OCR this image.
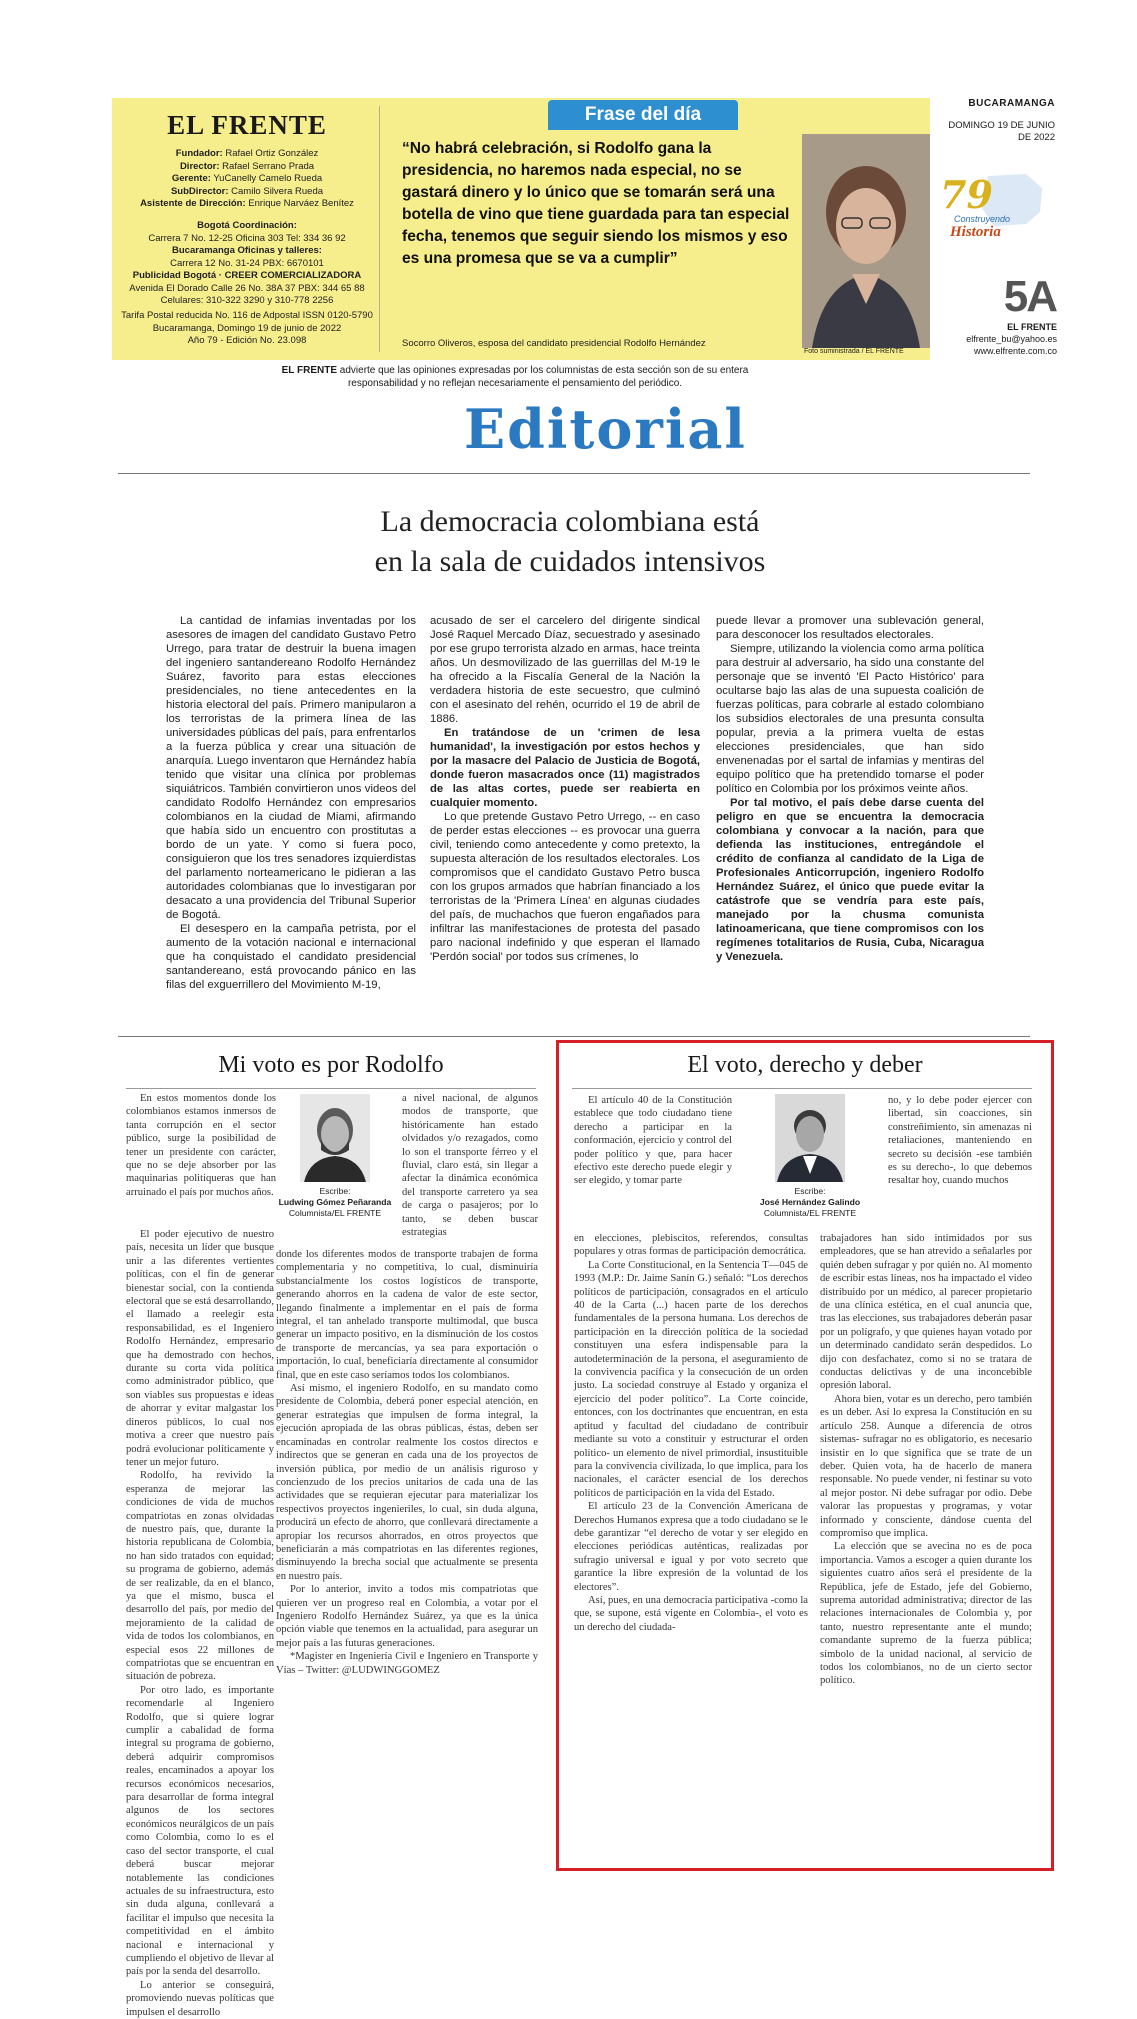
EL FRENTE
Fundador: Rafael Ortiz González
Director: Rafael Serrano Prada
Gerente: YuCanelly Camelo Rueda
SubDirector: Camilo Silvera Rueda
Asistente de Dirección: Enrique Narváez Benítez
Bogotá Coordinación:
Carrera 7 No. 12-25 Oficina 303 Tel: 334 36 92
Bucaramanga Oficinas y talleres:
Carrera 12 No. 31-24 PBX: 6670101
Publicidad Bogotá · CREER COMERCIALIZADORA
Avenida El Dorado Calle 26 No. 38A 37 PBX: 344 65 88
Celulares: 310-322 3290 y 310-778 2256
Tarifa Postal reducida No. 116 de Adpostal ISSN 0120-5790
Bucaramanga, Domingo 19 de junio de 2022
Año 79 - Edición No. 23.098
Frase del día
“No habrá celebración, si Rodolfo gana la presidencia, no haremos nada especial, no se gastará dinero y lo único que se tomarán será una botella de vino que tiene guardada para tan especial fecha, tenemos que seguir siendo los mismos y eso es una promesa que se va a cumplir”
Socorro Oliveros, esposa del candidato presidencial Rodolfo Hernández
Foto suministrada / EL FRENTE
BUCARAMANGA
DOMINGO 19 DE JUNIO DE 2022
79
Construyendo
Historia
5A
EL FRENTE
elfrente_bu@yahoo.es
www.elfrente.com.co
EL FRENTE advierte que las opiniones expresadas por los columnistas de esta sección son de su entera responsabilidad y no reflejan necesariamente el pensamiento del periódico.
Editorial
La democracia colombiana está
en la sala de cuidados intensivos

La cantidad de infamias inventadas por los asesores de imagen del candidato Gustavo Petro Urrego, para tratar de destruir la buena imagen del ingeniero santandereano Rodolfo Hernández Suárez, favorito para estas elecciones presidenciales, no tiene antecedentes en la historia electoral del país. Primero manipularon a los terroristas de la primera línea de las universidades públicas del país, para enfrentarlos a la fuerza pública y crear una situación de anarquía. Luego inventaron que Hernández había tenido que visitar una clínica por problemas siquiátricos. También convirtieron unos videos del candidato Rodolfo Hernández con empresarios colombianos en la ciudad de Miami, afirmando que había sido un encuentro con prostitutas a bordo de un yate. Y como si fuera poco, consiguieron que los tres senadores izquierdistas del parlamento norteamericano le pidieran a las autoridades colombianas que lo investigaran por desacato a una providencia del Tribunal Superior de Bogotá.

El desespero en la campaña petrista, por el aumento de la votación nacional e internacional que ha conquistado el candidato presidencial santandereano, está provocando pánico en las filas del exguerrillero del Movimiento M-19,

acusado de ser el carcelero del dirigente sindical José Raquel Mercado Díaz, secuestrado y asesinado por ese grupo terrorista alzado en armas, hace treinta años. Un desmovilizado de las guerrillas del M-19 le ha ofrecido a la Fiscalía General de la Nación la verdadera historia de este secuestro, que culminó con el asesinato del rehén, ocurrido el 19 de abril de 1886.

En tratándose de un 'crimen de lesa humanidad', la investigación por estos hechos y por la masacre del Palacio de Justicia de Bogotá, donde fueron masacrados once (11) magistrados de las altas cortes, puede ser reabierta en cualquier momento.

Lo que pretende Gustavo Petro Urrego, -- en caso de perder estas elecciones -- es provocar una guerra civil, teniendo como antecedente y como pretexto, la supuesta alteración de los resultados electorales. Los compromisos que el candidato Gustavo Petro busca con los grupos armados que habrían financiado a los terroristas de la 'Primera Línea' en algunas ciudades del país, de muchachos que fueron engañados para infiltrar las manifestaciones de protesta del pasado paro nacional indefinido y que esperan el llamado 'Perdón social' por todos sus crímenes, lo

puede llevar a promover una sublevación general, para desconocer los resultados electorales.

Siempre, utilizando la violencia como arma política para destruir al adversario, ha sido una constante del personaje que se inventó 'El Pacto Histórico' para ocultarse bajo las alas de una supuesta coalición de fuerzas políticas, para cobrarle al estado colombiano los subsidios electorales de una presunta consulta popular, previa a la primera vuelta de estas elecciones presidenciales, que han sido envenenadas por el sartal de infamias y mentiras del equipo político que ha pretendido tomarse el poder político en Colombia por los próximos veinte años.

Por tal motivo, el país debe darse cuenta del peligro en que se encuentra la democracia colombiana y convocar a la nación, para que defienda las instituciones, entregándole el crédito de confianza al candidato de la Liga de Profesionales Anticorrupción, ingeniero Rodolfo Hernández Suárez, el único que puede evitar la catástrofe que se vendría para este país, manejado por la chusma comunista latinoamericana, que tiene compromisos con los regímenes totalitarios de Rusia, Cuba, Nicaragua y Venezuela.

Mi voto es por Rodolfo

En estos momentos donde los colombianos estamos inmersos de tanta corrupción en el sector público, surge la posibilidad de tener un presidente con carácter, que no se deje absorber por las maquinarias politiqueras que han arruinado el país por muchos años.	Escribe:
Ludwing Gómez Peñaranda
Columnista/EL FRENTE

El poder ejecutivo de nuestro país, necesita un líder que busque unir a las diferentes vertientes políticas, con el fin de generar bienestar social, con la contienda electoral que se está desarrollando, el llamado a reelegir esta responsabilidad, es el Ingeniero Rodolfo Hernández, empresario que ha demostrado con hechos, durante su corta vida política como administrador público, que son viables sus propuestas e ideas de ahorrar y evitar malgastar los dineros públicos, lo cual nos motiva a creer que nuestro país podrá evolucionar políticamente y tener un mejor futuro.

Rodolfo, ha revivido la esperanza de mejorar las condiciones de vida de muchos compatriotas en zonas olvidadas de nuestro país, que, durante la historia republicana de Colombia, no han sido tratados con equidad; su programa de gobierno, además de ser realizable, da en el blanco, ya que el mismo, busca el desarrollo del país, por medio del mejoramiento de la calidad de vida de todos los colombianos, en especial esos 22 millones de compatriotas que se encuentran en situación de pobreza.

Por otro lado, es importante recomendarle al Ingeniero Rodolfo, que si quiere lograr cumplir a cabalidad de forma integral su programa de gobierno, deberá adquirir compromisos reales, encaminados a apoyar los recursos económicos necesarios, para desarrollar de forma integral algunos de los sectores económicos neurálgicos de un país como Colombia, como lo es el caso del sector transporte, el cual deberá buscar mejorar notablemente las condiciones actuales de su infraestructura, esto sin duda alguna, conllevará a facilitar el impulso que necesita la competitividad en el ámbito nacional e internacional y cumpliendo el objetivo de llevar al país por la senda del desarrollo.

Lo anterior se conseguirá, promoviendo nuevas políticas que impulsen el desarrollo

a nivel nacional, de algunos modos de transporte, que históricamente han estado olvidados y/o rezagados, como lo son el transporte férreo y el fluvial, claro está, sin llegar a afectar la dinámica económica del transporte carretero ya sea de carga o pasajeros; por lo tanto, se deben buscar estrategias

donde los diferentes modos de transporte trabajen de forma complementaria y no competitiva, lo cual, disminuiría substancialmente los costos logísticos de transporte, generando ahorros en la cadena de valor de este sector, llegando finalmente a implementar en el país de forma integral, el tan anhelado transporte multimodal, que busca generar un impacto positivo, en la disminución de los costos de transporte de mercancías, ya sea para exportación o importación, lo cual, beneficiaría directamente al consumidor final, que en este caso seríamos todos los colombianos.

Así mismo, el ingeniero Rodolfo, en su mandato como presidente de Colombia, deberá poner especial atención, en generar estrategias que impulsen de forma integral, la ejecución apropiada de las obras públicas, éstas, deben ser encaminadas en controlar realmente los costos directos e indirectos que se generan en cada una de los proyectos de inversión pública, por medio de un análisis riguroso y concienzudo de los precios unitarios de cada una de las actividades que se requieran ejecutar para materializar los respectivos proyectos ingenieriles, lo cual, sin duda alguna, producirá un efecto de ahorro, que conllevará directamente a apropiar los recursos ahorrados, en otros proyectos que beneficiarán a más compatriotas en las diferentes regiones, disminuyendo la brecha social que actualmente se presenta en nuestro país.

Por lo anterior, invito a todos mis compatriotas que quieren ver un progreso real en Colombia, a votar por el Ingeniero Rodolfo Hernández Suárez, ya que es la única opción viable que tenemos en la actualidad, para asegurar un mejor país a las futuras generaciones.

*Magister en Ingeniería Civil e Ingeniero en Transporte y Vías – Twitter: @LUDWINGGOMEZ

El voto, derecho y deber

El artículo 40 de la Constitución establece que todo ciudadano tiene derecho a participar en la conformación, ejercicio y control del poder político y que, para hacer efectivo este derecho puede elegir y ser elegido, y tomar parte

Escribe:
José Hernández Galindo
Columnista/EL FRENTE

en elecciones, plebiscitos, referendos, consultas populares y otras formas de participación democrática.

La Corte Constitucional, en la Sentencia T—045 de 1993 (M.P.: Dr. Jaime Sanín G.) señaló: “Los derechos políticos de participación, consagrados en el artículo 40 de la Carta (...) hacen parte de los derechos fundamentales de la persona humana. Los derechos de participación en la dirección política de la sociedad constituyen una esfera indispensable para la autodeterminación de la persona, el aseguramiento de la convivencia pacífica y la consecución de un orden justo. La sociedad construye al Estado y organiza el ejercicio del poder político”. La Corte coincide, entonces, con los doctrinantes que encuentran, en esta aptitud y facultad del ciudadano de contribuir mediante su voto a constituir y estructurar el orden político- un elemento de nivel primordial, insustituible para la convivencia civilizada, lo que implica, para los nacionales, el carácter esencial de los derechos políticos de participación en la vida del Estado.

El artículo 23 de la Convención Americana de Derechos Humanos expresa que a todo ciudadano se le debe garantizar “el derecho de votar y ser elegido en elecciones periódicas auténticas, realizadas por sufragio universal e igual y por voto secreto que garantice la libre expresión de la voluntad de los electores”.

Así, pues, en una democracia participativa -como la que, se supone, está vigente en Colombia-, el voto es un derecho del ciudada-

no, y lo debe poder ejercer con libertad, sin coacciones, sin constreñimiento, sin amenazas ni retaliaciones, manteniendo en secreto su decisión -ese también es su derecho-, lo que debemos resaltar hoy, cuando muchos

trabajadores han sido intimidados por sus empleadores, que se han atrevido a señalarles por quién deben sufragar y por quién no. Al momento de escribir estas líneas, nos ha impactado el video distribuido por un médico, al parecer propietario de una clínica estética, en el cual anuncia que, tras las elecciones, sus trabajadores deberán pasar por un polígrafo, y que quienes hayan votado por un determinado candidato serán despedidos. Lo dijo con desfachatez, como si no se tratara de conductas delictivas y de una inconcebible opresión laboral.

Ahora bien, votar es un derecho, pero también es un deber. Así lo expresa la Constitución en su artículo 258. Aunque a diferencia de otros sistemas- sufragar no es obligatorio, es necesario insistir en lo que significa que se trate de un deber. Quien vota, ha de hacerlo de manera responsable. No puede vender, ni festinar su voto al mejor postor. Ni debe sufragar por odio. Debe valorar las propuestas y programas, y votar informado y consciente, dándose cuenta del compromiso que implica.

La elección que se avecina no es de poca importancia. Vamos a escoger a quien durante los siguientes cuatro años será el presidente de la República, jefe de Estado, jefe del Gobierno, suprema autoridad administrativa; director de las relaciones internacionales de Colombia y, por tanto, nuestro representante ante el mundo; comandante supremo de la fuerza pública; símbolo de la unidad nacional, al servicio de todos los colombianos, no de un cierto sector político.
